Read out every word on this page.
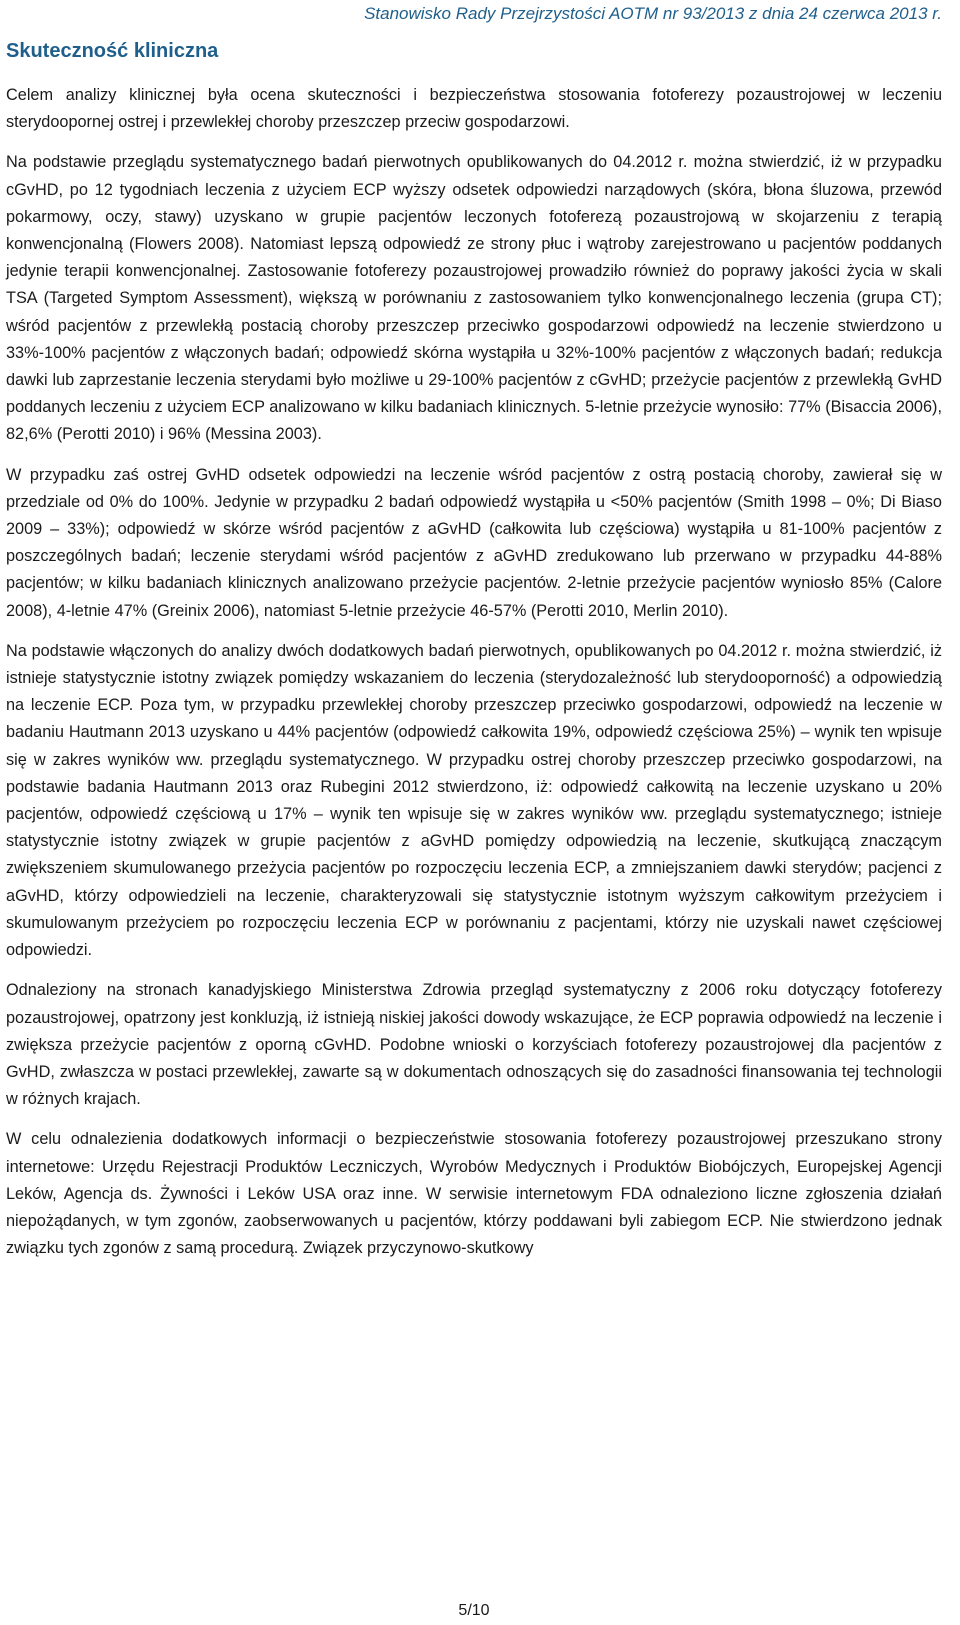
Stanowisko Rady Przejrzystości AOTM nr 93/2013 z dnia 24 czerwca 2013 r.
Skuteczność kliniczna

Celem analizy klinicznej była ocena skuteczności i bezpieczeństwa stosowania fotoferezy pozaustrojowej w leczeniu sterydoopornej ostrej i przewlekłej choroby przeszczep przeciw gospodarzowi.

Na podstawie przeglądu systematycznego badań pierwotnych opublikowanych do 04.2012 r. można stwierdzić, iż w przypadku cGvHD, po 12 tygodniach leczenia z użyciem ECP wyższy odsetek odpowiedzi narządowych (skóra, błona śluzowa, przewód pokarmowy, oczy, stawy) uzyskano w grupie pacjentów leczonych fotoferezą pozaustrojową w skojarzeniu z terapią konwencjonalną (Flowers 2008). Natomiast lepszą odpowiedź ze strony płuc i wątroby zarejestrowano u pacjentów poddanych jedynie terapii konwencjonalnej. Zastosowanie fotoferezy pozaustrojowej prowadziło również do poprawy jakości życia w skali TSA (Targeted Symptom Assessment), większą w porównaniu z zastosowaniem tylko konwencjonalnego leczenia (grupa CT); wśród pacjentów z przewlekłą postacią choroby przeszczep przeciwko gospodarzowi odpowiedź na leczenie stwierdzono u 33%-100% pacjentów z włączonych badań; odpowiedź skórna wystąpiła u 32%-100% pacjentów z włączonych badań; redukcja dawki lub zaprzestanie leczenia sterydami było możliwe u 29-100% pacjentów z cGvHD; przeżycie pacjentów z przewlekłą GvHD poddanych leczeniu z użyciem ECP analizowano w kilku badaniach klinicznych. 5-letnie przeżycie wynosiło: 77% (Bisaccia 2006), 82,6% (Perotti 2010) i 96% (Messina 2003).

W przypadku zaś ostrej GvHD odsetek odpowiedzi na leczenie wśród pacjentów z ostrą postacią choroby, zawierał się w przedziale od 0% do 100%. Jedynie w przypadku 2 badań odpowiedź wystąpiła u <50% pacjentów (Smith 1998 – 0%; Di Biaso 2009 – 33%); odpowiedź w skórze wśród pacjentów z aGvHD (całkowita lub częściowa) wystąpiła u 81-100% pacjentów z poszczególnych badań; leczenie sterydami wśród pacjentów z aGvHD zredukowano lub przerwano w przypadku 44-88% pacjentów; w kilku badaniach klinicznych analizowano przeżycie pacjentów. 2-letnie przeżycie pacjentów wyniosło 85% (Calore 2008), 4-letnie 47% (Greinix 2006), natomiast 5-letnie przeżycie 46-57% (Perotti 2010, Merlin 2010).

Na podstawie włączonych do analizy dwóch dodatkowych badań pierwotnych, opublikowanych po 04.2012 r. można stwierdzić, iż istnieje statystycznie istotny związek pomiędzy wskazaniem do leczenia (sterydozależność lub sterydooporność) a odpowiedzią na leczenie ECP. Poza tym, w przypadku przewlekłej choroby przeszczep przeciwko gospodarzowi, odpowiedź na leczenie w badaniu Hautmann 2013 uzyskano u 44% pacjentów (odpowiedź całkowita 19%, odpowiedź częściowa 25%) – wynik ten wpisuje się w zakres wyników ww. przeglądu systematycznego. W przypadku ostrej choroby przeszczep przeciwko gospodarzowi, na podstawie badania Hautmann 2013 oraz Rubegini 2012 stwierdzono, iż: odpowiedź całkowitą na leczenie uzyskano u 20% pacjentów, odpowiedź częściową u 17% – wynik ten wpisuje się w zakres wyników ww. przeglądu systematycznego; istnieje statystycznie istotny związek w grupie pacjentów z aGvHD pomiędzy odpowiedzią na leczenie, skutkującą znaczącym zwiększeniem skumulowanego przeżycia pacjentów po rozpoczęciu leczenia ECP, a zmniejszaniem dawki sterydów; pacjenci z aGvHD, którzy odpowiedzieli na leczenie, charakteryzowali się statystycznie istotnym wyższym całkowitym przeżyciem i skumulowanym przeżyciem po rozpoczęciu leczenia ECP w porównaniu z pacjentami, którzy nie uzyskali nawet częściowej odpowiedzi.

Odnaleziony na stronach kanadyjskiego Ministerstwa Zdrowia przegląd systematyczny z 2006 roku dotyczący fotoferezy pozaustrojowej, opatrzony jest konkluzją, iż istnieją niskiej jakości dowody wskazujące, że ECP poprawia odpowiedź na leczenie i zwiększa przeżycie pacjentów z oporną cGvHD. Podobne wnioski o korzyściach fotoferezy pozaustrojowej dla pacjentów z GvHD, zwłaszcza w postaci przewlekłej, zawarte są w dokumentach odnoszących się do zasadności finansowania tej technologii w różnych krajach.

W celu odnalezienia dodatkowych informacji o bezpieczeństwie stosowania fotoferezy pozaustrojowej przeszukano strony internetowe: Urzędu Rejestracji Produktów Leczniczych, Wyrobów Medycznych i Produktów Biobójczych, Europejskej Agencji Leków, Agencja ds. Żywności i Leków USA oraz inne. W serwisie internetowym FDA odnaleziono liczne zgłoszenia działań niepożądanych, w tym zgonów, zaobserwowanych u pacjentów, którzy poddawani byli zabiegom ECP. Nie stwierdzono jednak związku tych zgonów z samą procedurą. Związek przyczynowo-skutkowy

5/10
